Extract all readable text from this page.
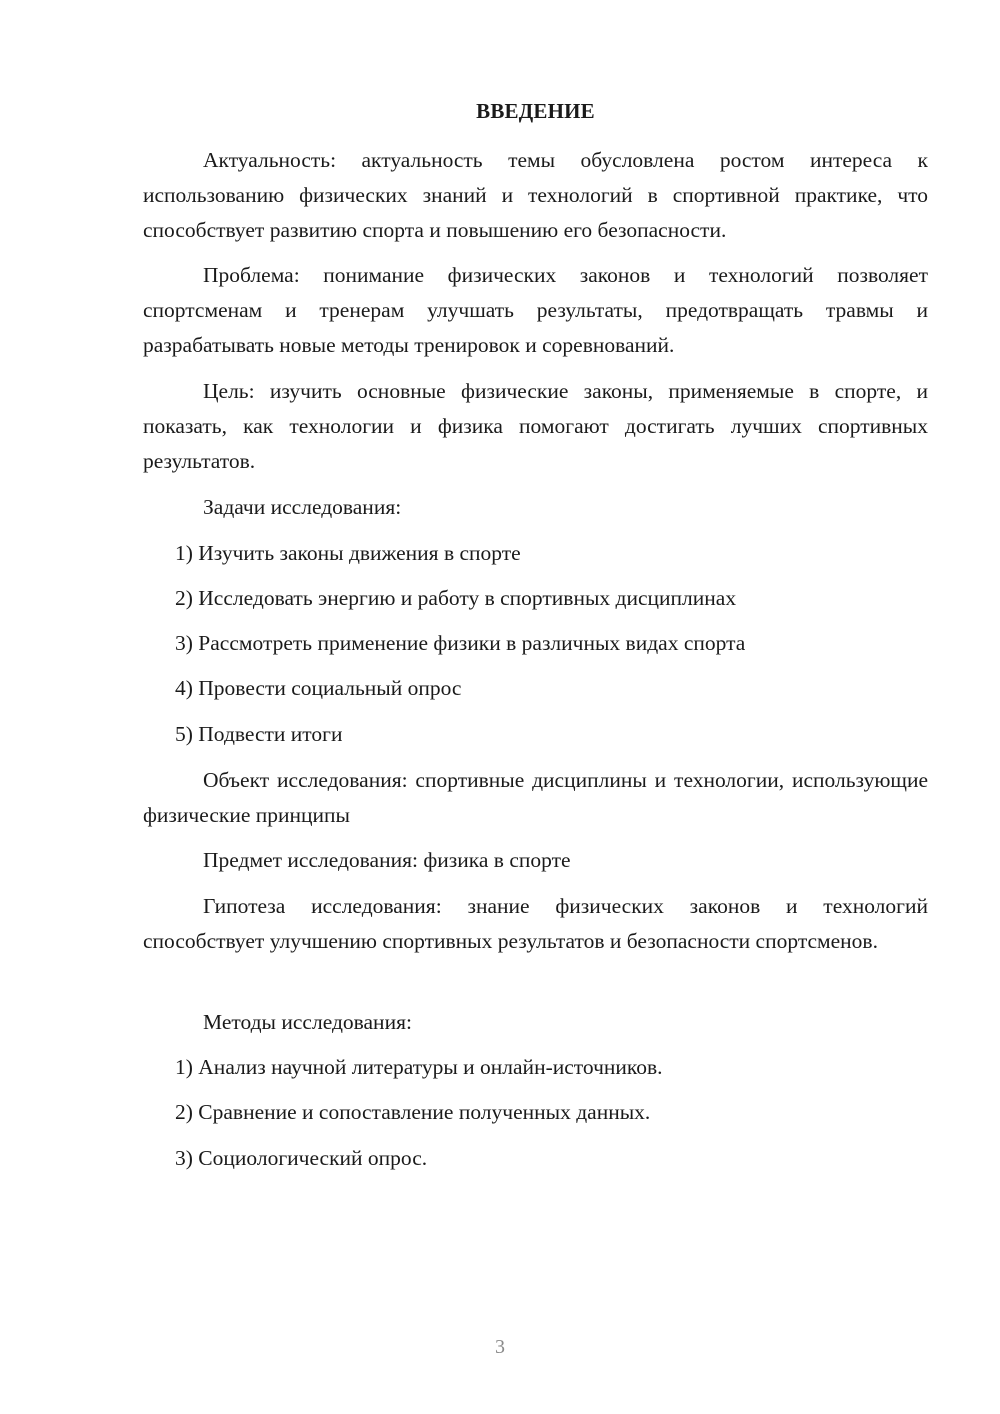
ВВЕДЕНИЕ
Актуальность: актуальность темы обусловлена ростом интереса к использованию физических знаний и технологий в спортивной практике, что способствует развитию спорта и повышению его безопасности.
Проблема: понимание физических законов и технологий позволяет спортсменам и тренерам улучшать результаты, предотвращать травмы и разрабатывать новые методы тренировок и соревнований.
Цель: изучить основные физические законы, применяемые в спорте, и показать, как технологии и физика помогают достигать лучших спортивных результатов.
Задачи исследования:
1) Изучить законы движения в спорте
2) Исследовать энергию и работу в спортивных дисциплинах
3) Рассмотреть применение физики в различных видах спорта
4) Провести социальный опрос
5) Подвести итоги
Объект исследования: спортивные дисциплины и технологии, использующие физические принципы
Предмет исследования: физика в спорте
Гипотеза исследования: знание физических законов и технологий способствует улучшению спортивных результатов и безопасности спортсменов.
Методы исследования:
1) Анализ научной литературы и онлайн-источников.
2) Сравнение и сопоставление полученных данных.
3) Социологический опрос.
3
